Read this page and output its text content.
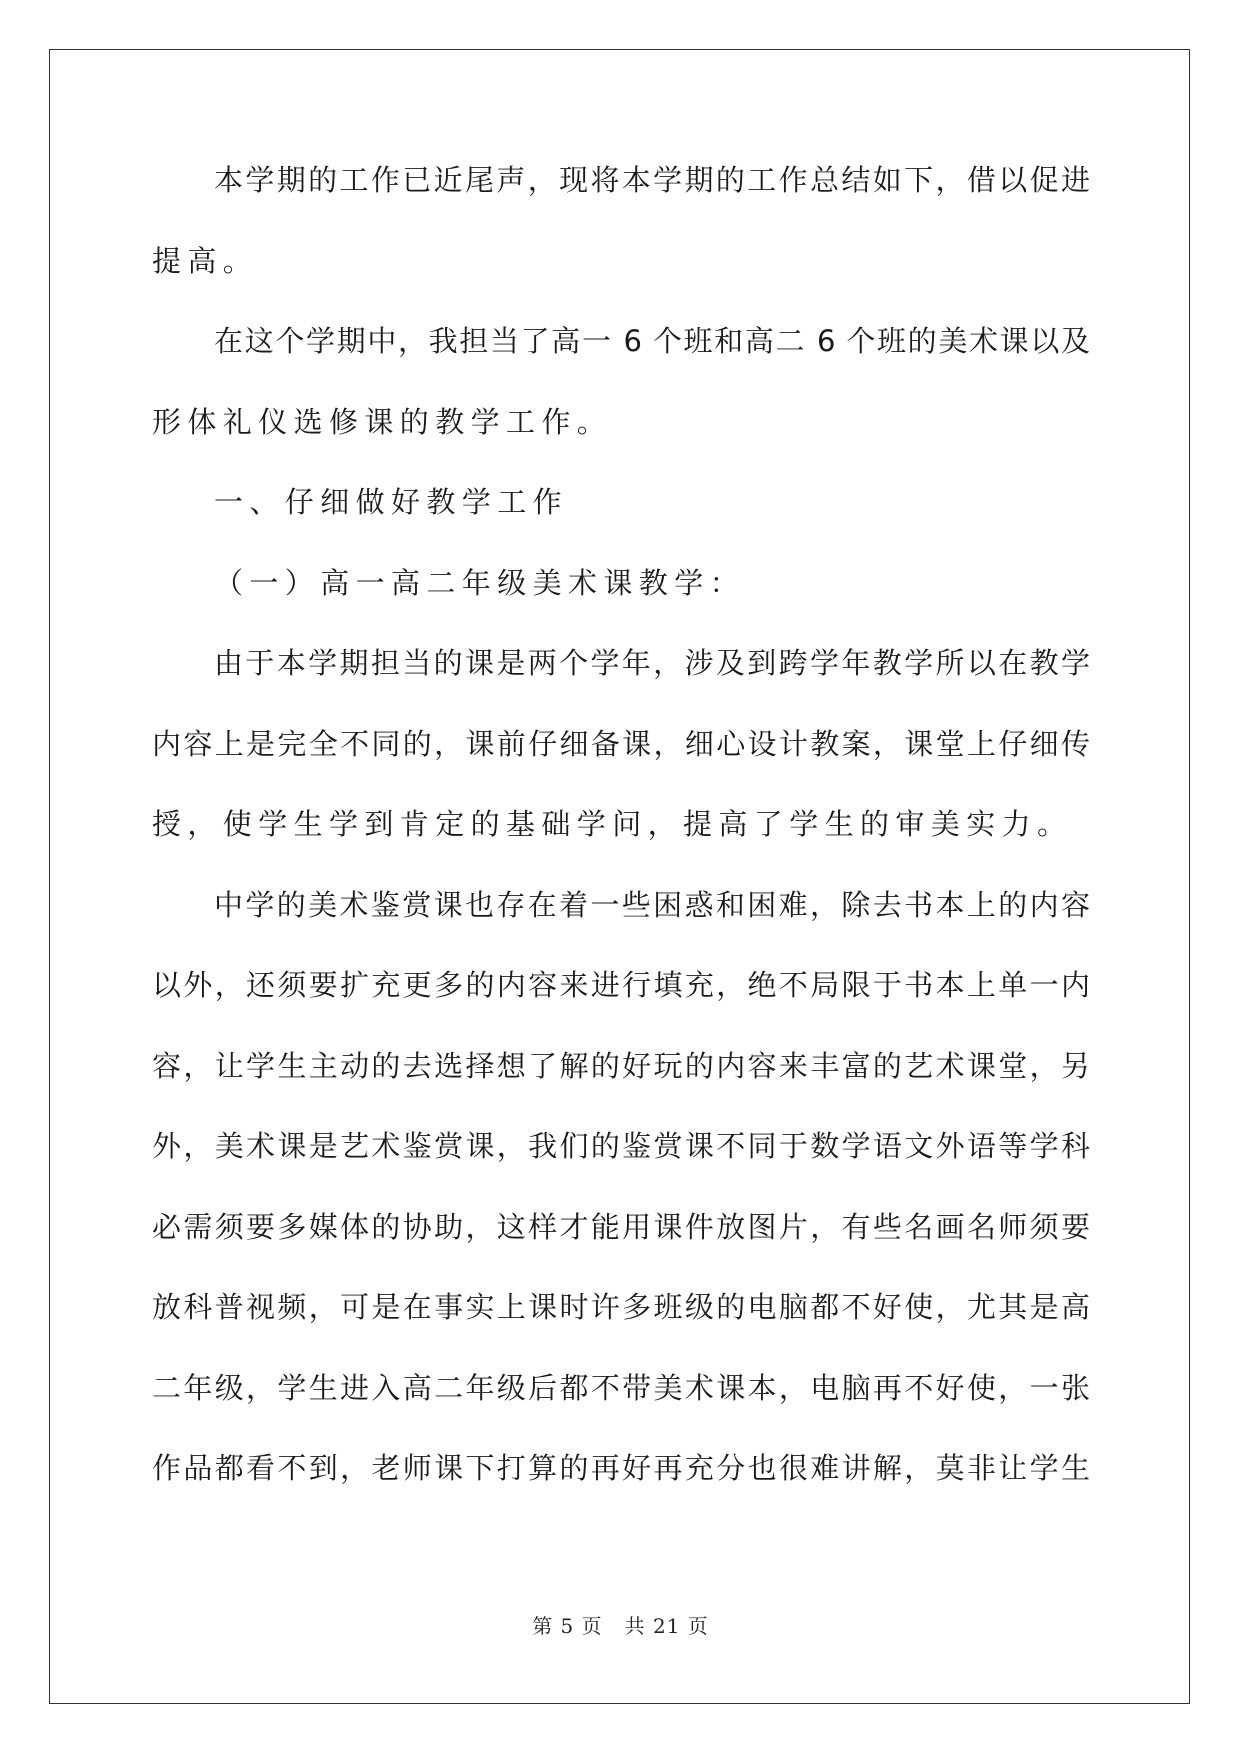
本学期的工作已近尾声，现将本学期的工作总结如下，借以促进
提高。
在这个学期中，我担当了高一 6 个班和高二 6 个班的美术课以及
形体礼仪选修课的教学工作。
一、仔细做好教学工作
（一）高一高二年级美术课教学：
由于本学期担当的课是两个学年，涉及到跨学年教学所以在教学
内容上是完全不同的，课前仔细备课，细心设计教案，课堂上仔细传
授，使学生学到肯定的基础学问，提高了学生的审美实力。
中学的美术鉴赏课也存在着一些困惑和困难，除去书本上的内容
以外，还须要扩充更多的内容来进行填充，绝不局限于书本上单一内
容，让学生主动的去选择想了解的好玩的内容来丰富的艺术课堂，另
外，美术课是艺术鉴赏课，我们的鉴赏课不同于数学语文外语等学科
必需须要多媒体的协助，这样才能用课件放图片，有些名画名师须要
放科普视频，可是在事实上课时许多班级的电脑都不好使，尤其是高
二年级，学生进入高二年级后都不带美术课本，电脑再不好使，一张
作品都看不到，老师课下打算的再好再充分也很难讲解，莫非让学生
第 5 页 共 21 页
